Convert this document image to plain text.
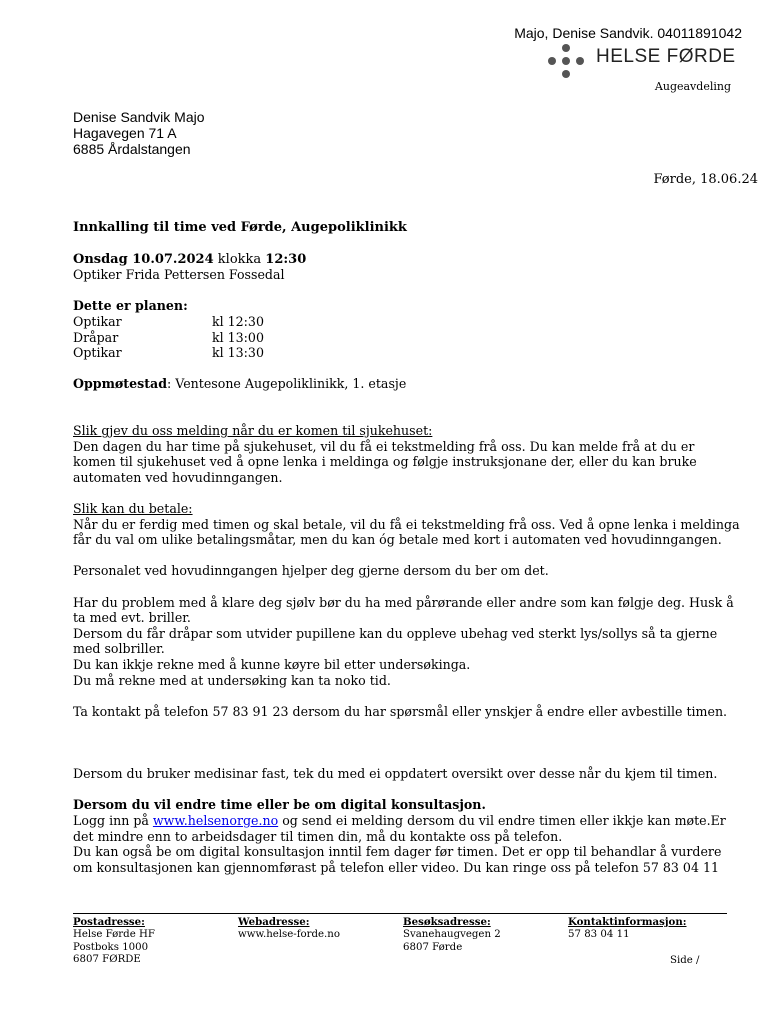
Majo, Denise Sandvik. 04011891042
HELSE FØRDE
Augeavdeling
Denise Sandvik Majo
Hagavegen 71 A
6885 Årdalstangen
Førde, 18.06.24

Innkalling til time ved Førde, Augepoliklinikk

Onsdag 10.07.2024 klokka 12:30

Optiker Frida Pettersen Fossedal

Dette er planen:

Optikar	kl 12:30
Dråpar	kl 13:00
Optikar	kl 13:30

Oppmøtestad: Ventesone Augepoliklinikk, 1. etasje

Slik gjev du oss melding når du er komen til sjukehuset:

Den dagen du har time på sjukehuset, vil du få ei tekstmelding frå oss. Du kan melde frå at du er komen til sjukehuset ved å opne lenka i meldinga og følgje instruksjonane der, eller du kan bruke automaten ved hovudinngangen.

Slik kan du betale:

Når du er ferdig med timen og skal betale, vil du få ei tekstmelding frå oss. Ved å opne lenka i meldinga får du val om ulike betalingsmåtar, men du kan óg betale med kort i automaten ved hovudinngangen.

Personalet ved hovudinngangen hjelper deg gjerne dersom du ber om det.

Har du problem med å klare deg sjølv bør du ha med pårørande eller andre som kan følgje deg. Husk å ta med evt. briller.

Dersom du får dråpar som utvider pupillene kan du oppleve ubehag ved sterkt lys/sollys så ta gjerne med solbriller.

Du kan ikkje rekne med å kunne køyre bil etter undersøkinga.

Du må rekne med at undersøking kan ta noko tid.

Ta kontakt på telefon 57 83 91 23 dersom du har spørsmål eller ynskjer å endre eller avbestille timen.

Dersom du bruker medisinar fast, tek du med ei oppdatert oversikt over desse når du kjem til timen.

Dersom du vil endre time eller be om digital konsultasjon.

Logg inn på www.helsenorge.no og send ei melding dersom du vil endre timen eller ikkje kan møte.Er det mindre enn to arbeidsdager til timen din, må du kontakte oss på telefon.

Du kan også be om digital konsultasjon inntil fem dager før timen. Det er opp til behandlar å vurdere om konsultasjonen kan gjennomførast på telefon eller video. Du kan ringe oss på telefon 57 83 04 11

Postadresse:
Helse Førde HF
Postboks 1000
6807 FØRDE
Webadresse:
www.helse-forde.no
Besøksadresse:
Svanehaugvegen 2
6807 Førde
Kontaktinformasjon:
57 83 04 11
Side /
